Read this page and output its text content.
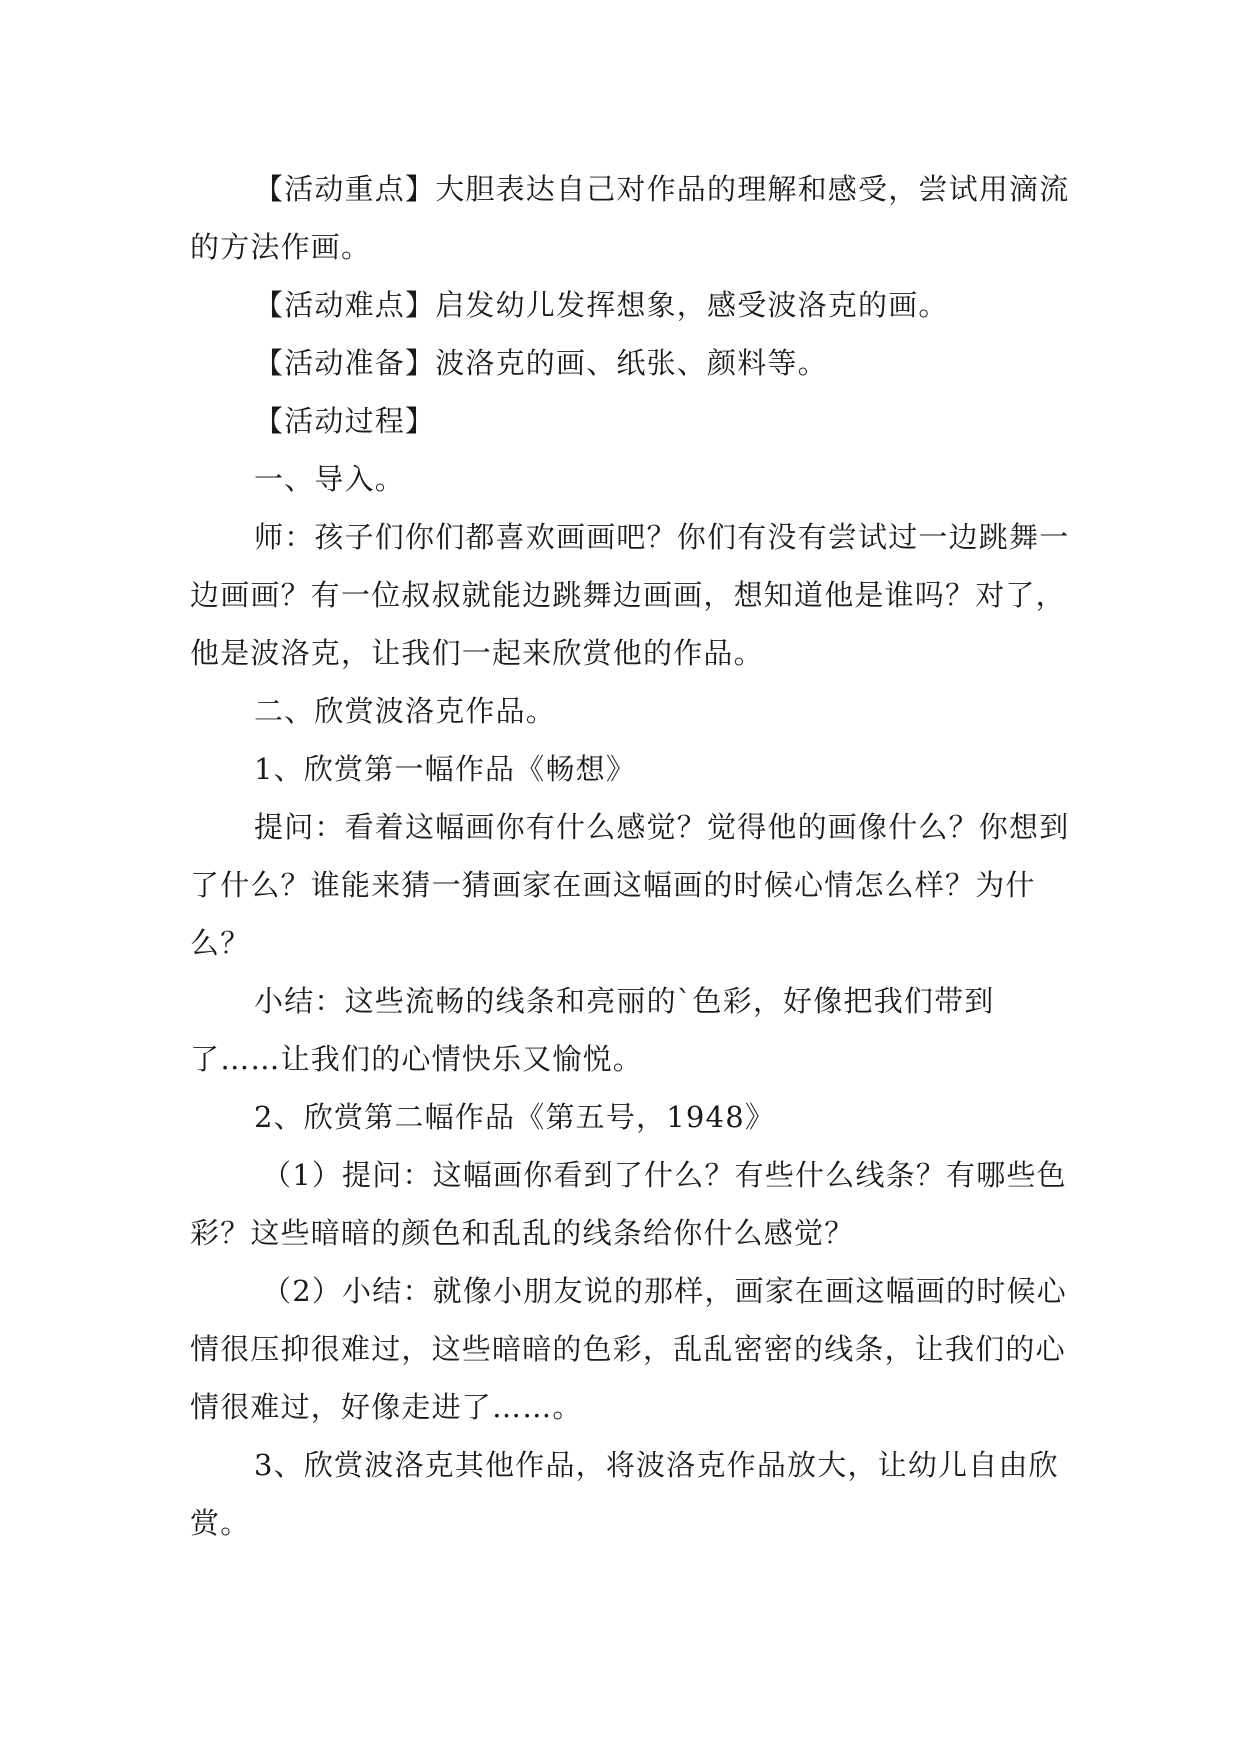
【活动重点】大胆表达自己对作品的理解和感受，尝试用滴流的方法作画。

【活动难点】启发幼儿发挥想象，感受波洛克的画。

【活动准备】波洛克的画、纸张、颜料等。

【活动过程】

一、导入。

师：孩子们你们都喜欢画画吧？你们有没有尝试过一边跳舞一边画画？有一位叔叔就能边跳舞边画画，想知道他是谁吗？对了，他是波洛克，让我们一起来欣赏他的作品。

二、欣赏波洛克作品。

1、欣赏第一幅作品《畅想》

提问：看着这幅画你有什么感觉？觉得他的画像什么？你想到了什么？谁能来猜一猜画家在画这幅画的时候心情怎么样？为什么？

小结：这些流畅的线条和亮丽的`色彩，好像把我们带到了……让我们的心情快乐又愉悦。

2、欣赏第二幅作品《第五号，1948》

（1）提问：这幅画你看到了什么？有些什么线条？有哪些色彩？这些暗暗的颜色和乱乱的线条给你什么感觉？

（2）小结：就像小朋友说的那样，画家在画这幅画的时候心情很压抑很难过，这些暗暗的色彩，乱乱密密的线条，让我们的心情很难过，好像走进了……。

3、欣赏波洛克其他作品，将波洛克作品放大，让幼儿自由欣赏。
